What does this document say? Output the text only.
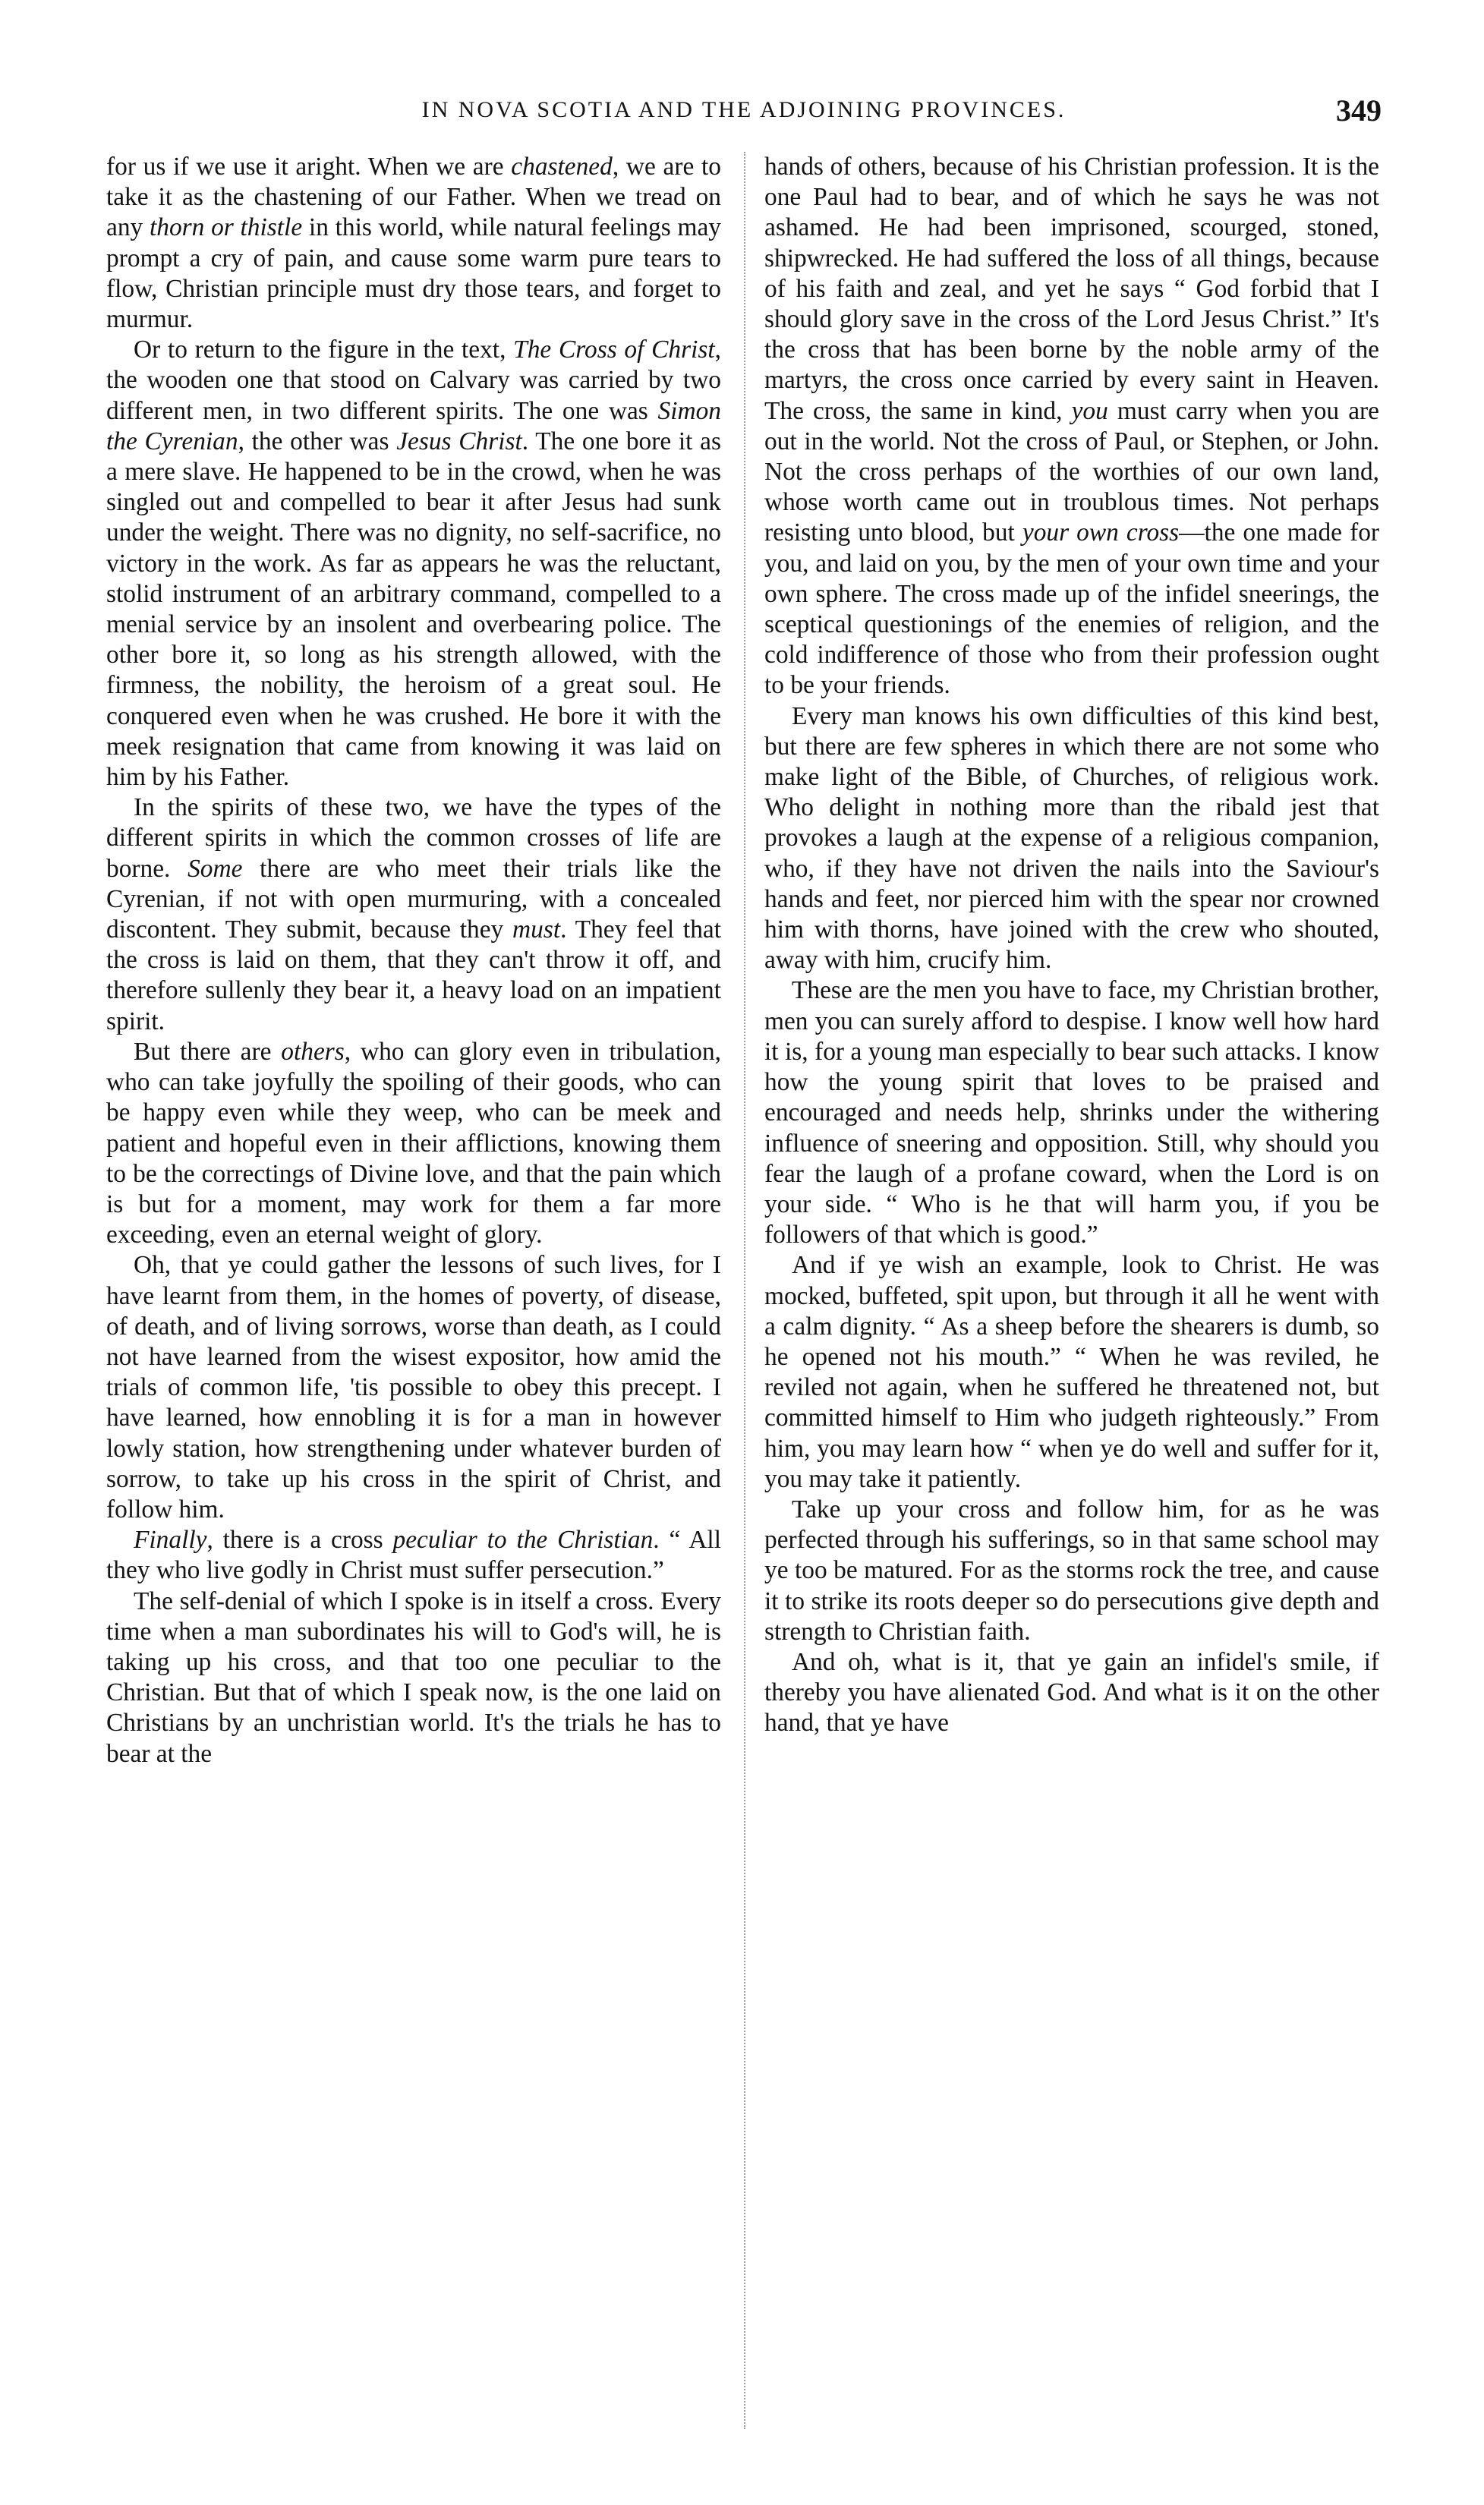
IN NOVA SCOTIA AND THE ADJOINING PROVINCES.	349

for us if we use it aright. When we are chastened, we are to take it as the chastening of our Father. When we tread on any thorn or thistle in this world, while natural feelings may prompt a cry of pain, and cause some warm pure tears to flow, Christian principle must dry those tears, and forget to murmur.

Or to return to the figure in the text, The Cross of Christ, the wooden one that stood on Calvary was carried by two different men, in two different spirits. The one was Simon the Cyrenian, the other was Jesus Christ. The one bore it as a mere slave. He happened to be in the crowd, when he was singled out and compelled to bear it after Jesus had sunk under the weight. There was no dignity, no self-sacrifice, no victory in the work. As far as appears he was the reluctant, stolid instrument of an arbitrary command, compelled to a menial service by an insolent and overbearing police. The other bore it, so long as his strength allowed, with the firmness, the nobility, the heroism of a great soul. He conquered even when he was crushed. He bore it with the meek resignation that came from knowing it was laid on him by his Father.

In the spirits of these two, we have the types of the different spirits in which the common crosses of life are borne. Some there are who meet their trials like the Cyrenian, if not with open murmuring, with a concealed discontent. They submit, because they must. They feel that the cross is laid on them, that they can't throw it off, and therefore sullenly they bear it, a heavy load on an impatient spirit.

But there are others, who can glory even in tribulation, who can take joyfully the spoiling of their goods, who can be happy even while they weep, who can be meek and patient and hopeful even in their afflictions, knowing them to be the correctings of Divine love, and that the pain which is but for a moment, may work for them a far more exceeding, even an eternal weight of glory.

Oh, that ye could gather the lessons of such lives, for I have learnt from them, in the homes of poverty, of disease, of death, and of living sorrows, worse than death, as I could not have learned from the wisest expositor, how amid the trials of common life, 'tis possible to obey this precept. I have learned, how ennobling it is for a man in however lowly station, how strengthening under whatever burden of sorrow, to take up his cross in the spirit of Christ, and follow him.

Finally, there is a cross peculiar to the Christian. “ All they who live godly in Christ must suffer persecution.”

The self-denial of which I spoke is in itself a cross. Every time when a man subordinates his will to God's will, he is taking up his cross, and that too one peculiar to the Christian. But that of which I speak now, is the one laid on Christians by an unchristian world. It's the trials he has to bear at the

hands of others, because of his Christian profession. It is the one Paul had to bear, and of which he says he was not ashamed. He had been imprisoned, scourged, stoned, shipwrecked. He had suffered the loss of all things, because of his faith and zeal, and yet he says “ God forbid that I should glory save in the cross of the Lord Jesus Christ.” It's the cross that has been borne by the noble army of the martyrs, the cross once carried by every saint in Heaven. The cross, the same in kind, you must carry when you are out in the world. Not the cross of Paul, or Stephen, or John. Not the cross perhaps of the worthies of our own land, whose worth came out in troublous times. Not perhaps resisting unto blood, but your own cross—the one made for you, and laid on you, by the men of your own time and your own sphere. The cross made up of the infidel sneerings, the sceptical questionings of the enemies of religion, and the cold indifference of those who from their profession ought to be your friends.

Every man knows his own difficulties of this kind best, but there are few spheres in which there are not some who make light of the Bible, of Churches, of religious work. Who delight in nothing more than the ribald jest that provokes a laugh at the expense of a religious companion, who, if they have not driven the nails into the Saviour's hands and feet, nor pierced him with the spear nor crowned him with thorns, have joined with the crew who shouted, away with him, crucify him.

These are the men you have to face, my Christian brother, men you can surely afford to despise. I know well how hard it is, for a young man especially to bear such attacks. I know how the young spirit that loves to be praised and encouraged and needs help, shrinks under the withering influence of sneering and opposition. Still, why should you fear the laugh of a profane coward, when the Lord is on your side. “ Who is he that will harm you, if you be followers of that which is good.”

And if ye wish an example, look to Christ. He was mocked, buffeted, spit upon, but through it all he went with a calm dignity. “ As a sheep before the shearers is dumb, so he opened not his mouth.” “ When he was reviled, he reviled not again, when he suffered he threatened not, but committed himself to Him who judgeth righteously.” From him, you may learn how “ when ye do well and suffer for it, you may take it patiently.

Take up your cross and follow him, for as he was perfected through his sufferings, so in that same school may ye too be matured. For as the storms rock the tree, and cause it to strike its roots deeper so do persecutions give depth and strength to Christian faith.

And oh, what is it, that ye gain an infidel's smile, if thereby you have alienated God. And what is it on the other hand, that ye have
